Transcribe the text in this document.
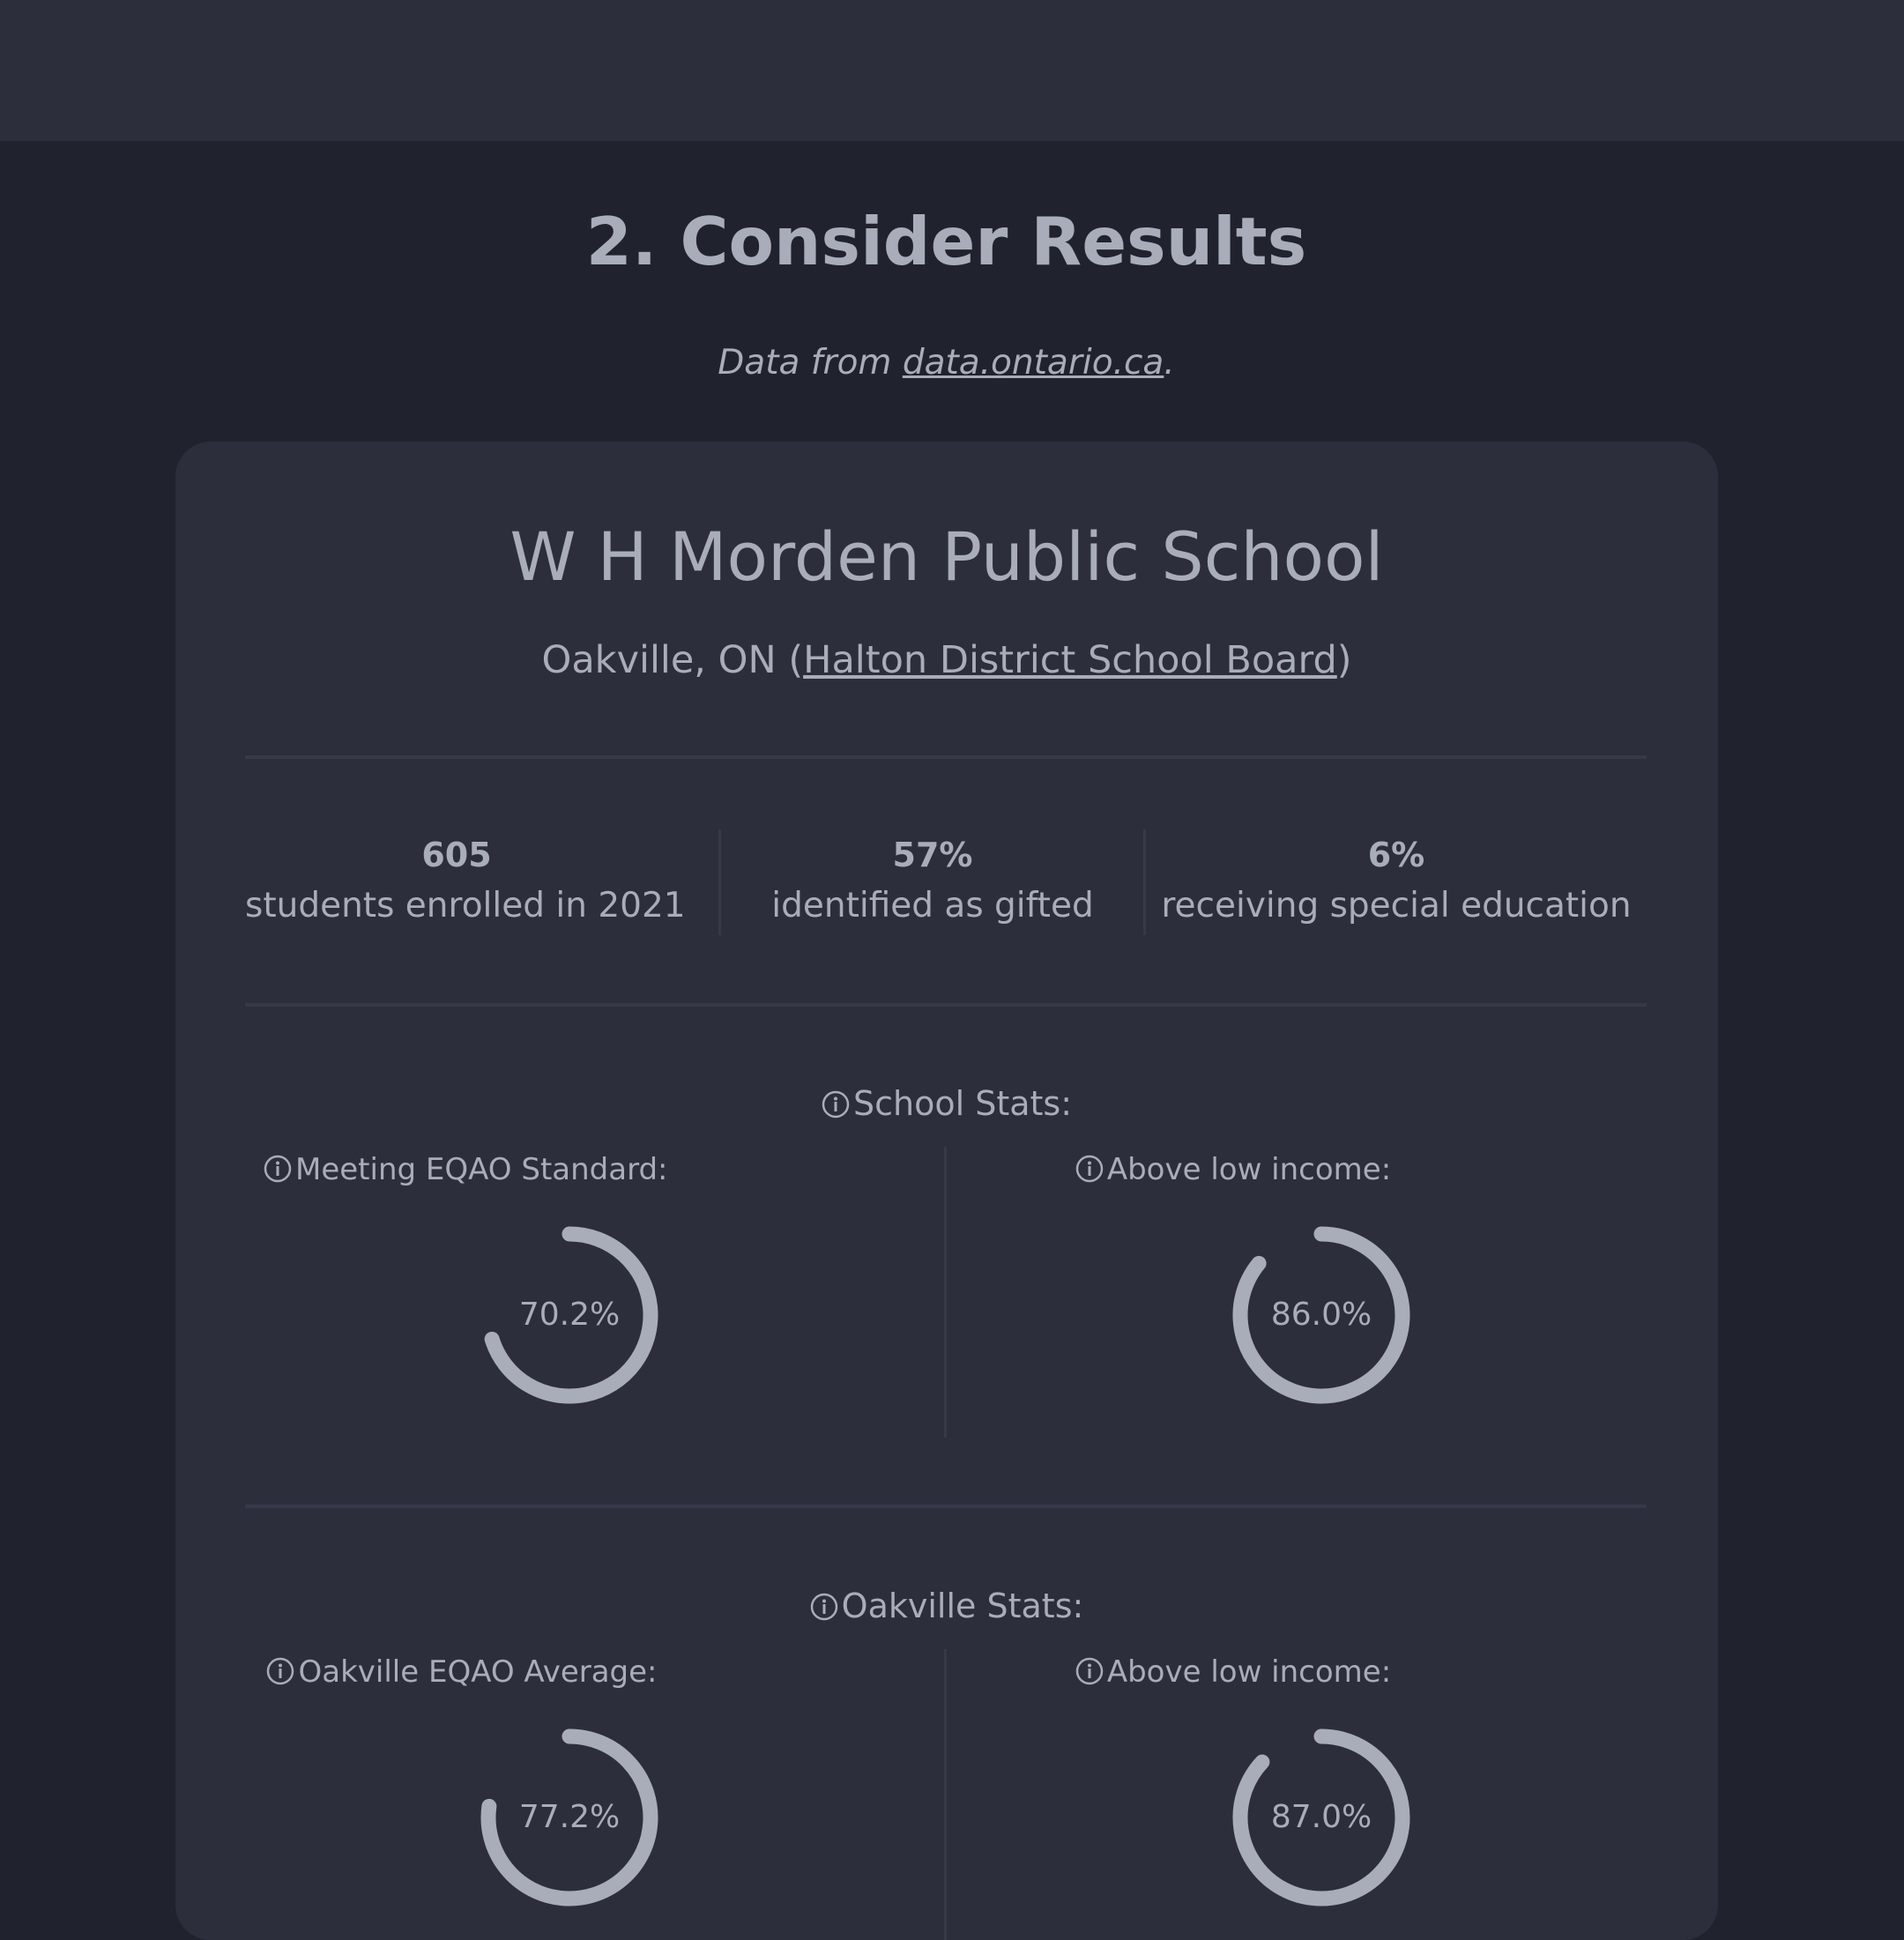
2. Consider Results
Data from data.ontario.ca.
W H Morden Public School
Oakville, ON (Halton District School Board)
605
students enrolled in 2021
57%
identified as gifted
6%
receiving special education
School Stats:
Meeting EQAO Standard:
70.2%
Above low income:
86.0%
Oakville Stats:
Oakville EQAO Average:
77.2%
Above low income:
87.0%
